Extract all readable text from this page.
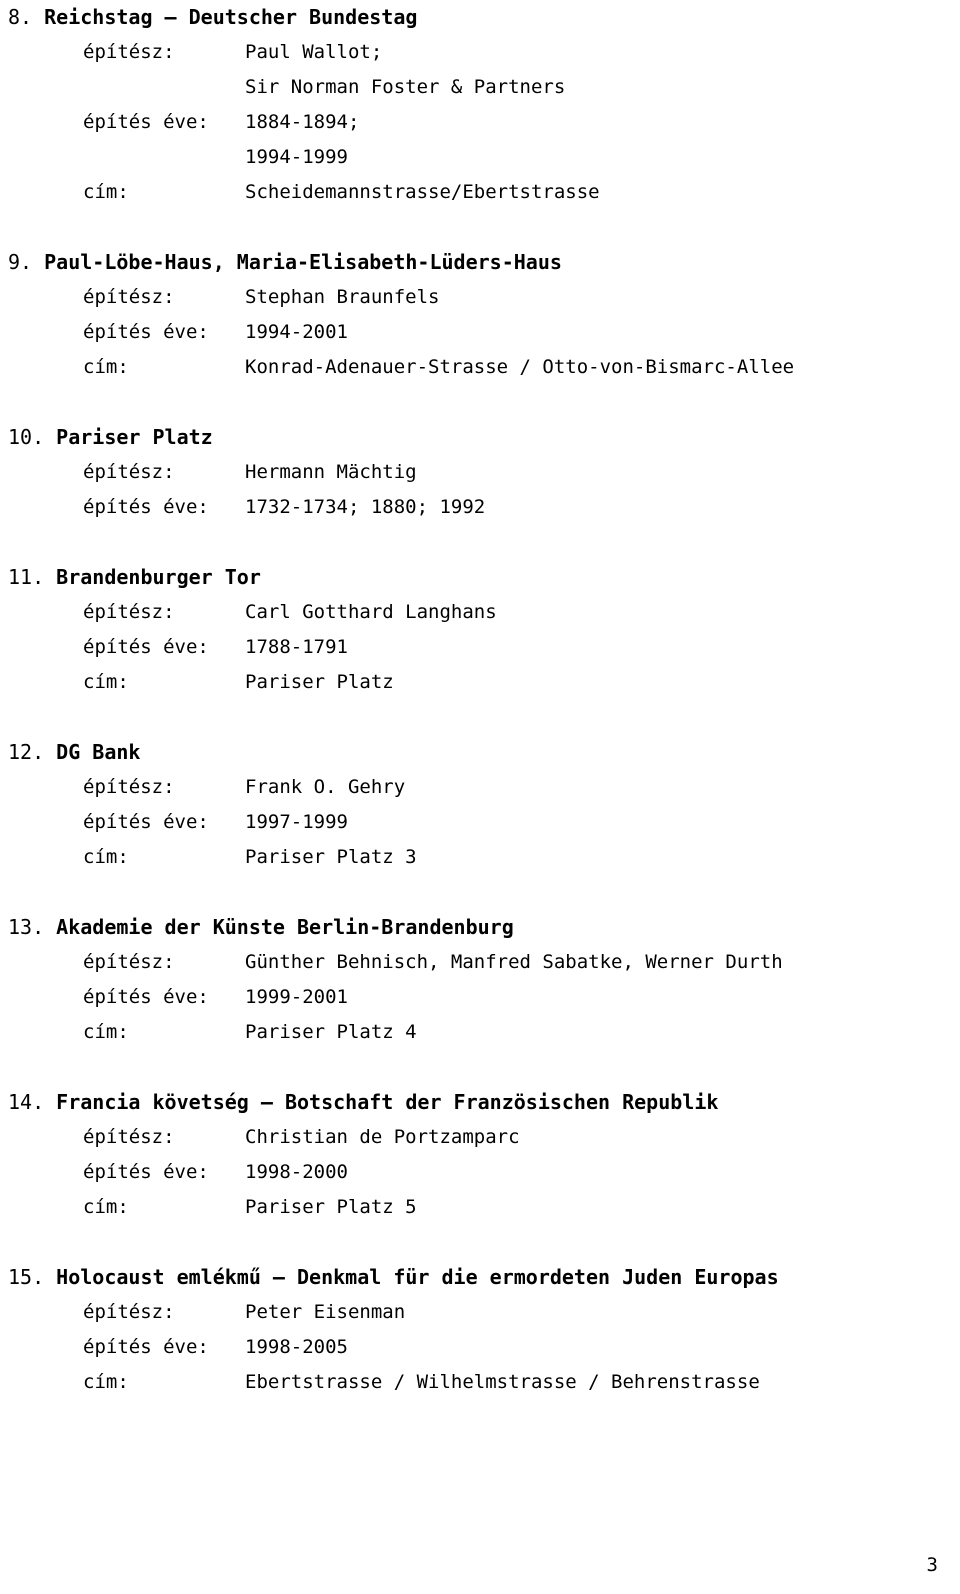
8. Reichstag – Deutscher Bundestag
építész:	Paul Wallot;
Sir Norman Foster & Partners
építés éve:	1884-1894;
1994-1999
cím:	Scheidemannstrasse/Ebertstrasse
9. Paul-Löbe-Haus, Maria-Elisabeth-Lüders-Haus
építész:	Stephan Braunfels
építés éve:	1994-2001
cím:	Konrad-Adenauer-Strasse / Otto-von-Bismarc-Allee
10. Pariser Platz
építész:	Hermann Mächtig
építés éve:	1732-1734; 1880; 1992
11. Brandenburger Tor
építész:	Carl Gotthard Langhans
építés éve:	1788-1791
cím:	Pariser Platz
12. DG Bank
építész:	Frank O. Gehry
építés éve:	1997-1999
cím:	Pariser Platz 3
13. Akademie der Künste Berlin-Brandenburg
építész:	Günther Behnisch, Manfred Sabatke, Werner Durth
építés éve:	1999-2001
cím:	Pariser Platz 4
14. Francia követség – Botschaft der Französischen Republik
építész:	Christian de Portzamparc
építés éve:	1998-2000
cím:	Pariser Platz 5
15. Holocaust emlékmű – Denkmal für die ermordeten Juden Europas
építész:	Peter Eisenman
építés éve:	1998-2005
cím:	Ebertstrasse / Wilhelmstrasse / Behrenstrasse
3
